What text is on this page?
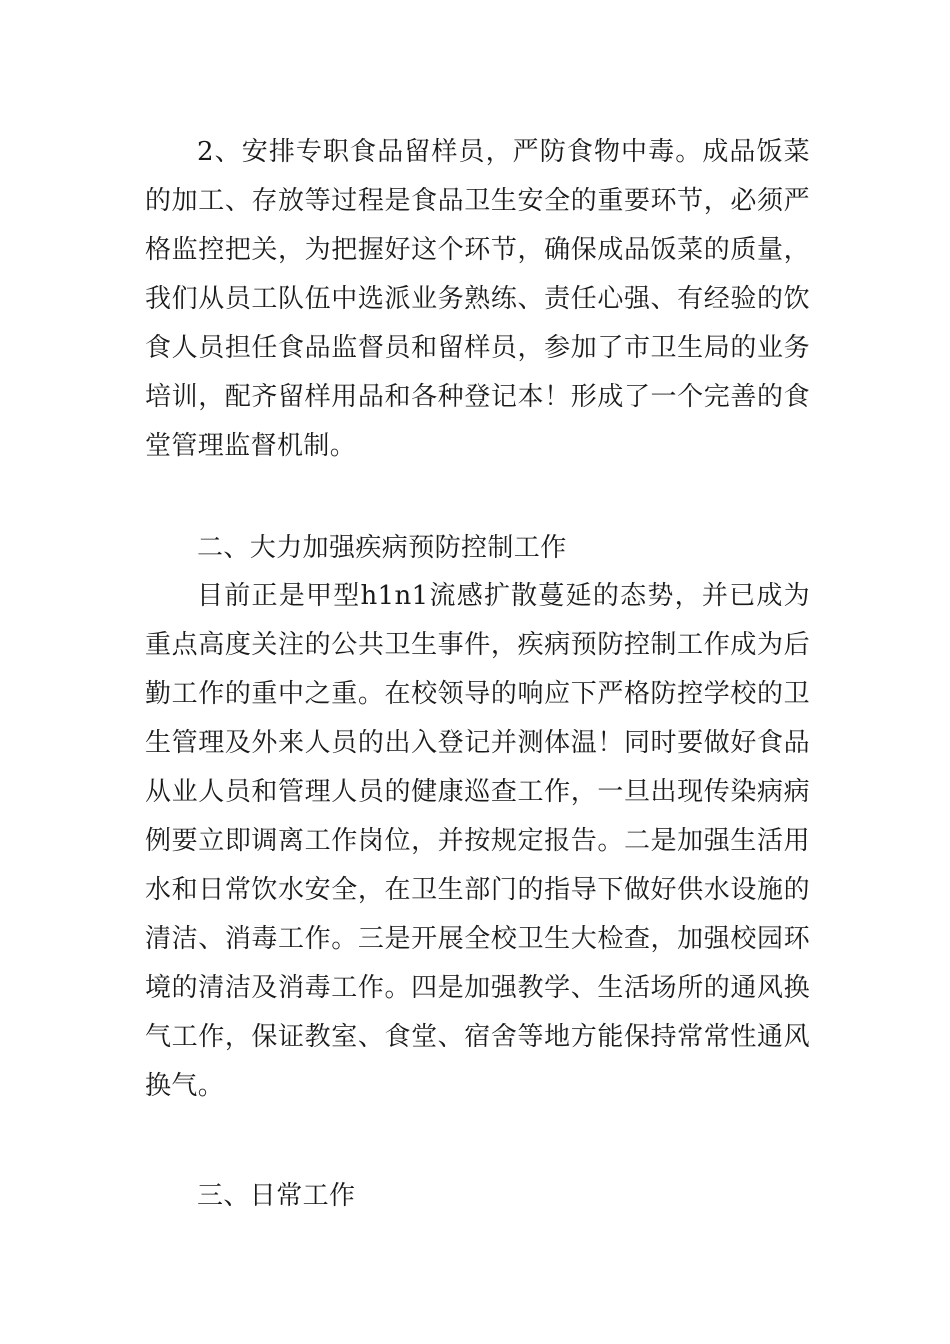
2、安排专职食品留样员，严防食物中毒。成品饭菜的加工、存放等过程是食品卫生安全的重要环节，必须严格监控把关，为把握好这个环节，确保成品饭菜的质量，我们从员工队伍中选派业务熟练、责任心强、有经验的饮食人员担任食品监督员和留样员，参加了市卫生局的业务培训，配齐留样用品和各种登记本！形成了一个完善的食堂管理监督机制。

二、大力加强疾病预防控制工作

目前正是甲型h1n1流感扩散蔓延的态势，并已成为重点高度关注的公共卫生事件，疾病预防控制工作成为后勤工作的重中之重。在校领导的响应下严格防控学校的卫生管理及外来人员的出入登记并测体温！同时要做好食品从业人员和管理人员的健康巡查工作，一旦出现传染病病例要立即调离工作岗位，并按规定报告。二是加强生活用水和日常饮水安全，在卫生部门的指导下做好供水设施的清洁、消毒工作。三是开展全校卫生大检查，加强校园环境的清洁及消毒工作。四是加强教学、生活场所的通风换气工作，保证教室、食堂、宿舍等地方能保持常常性通风换气。

三、日常工作
